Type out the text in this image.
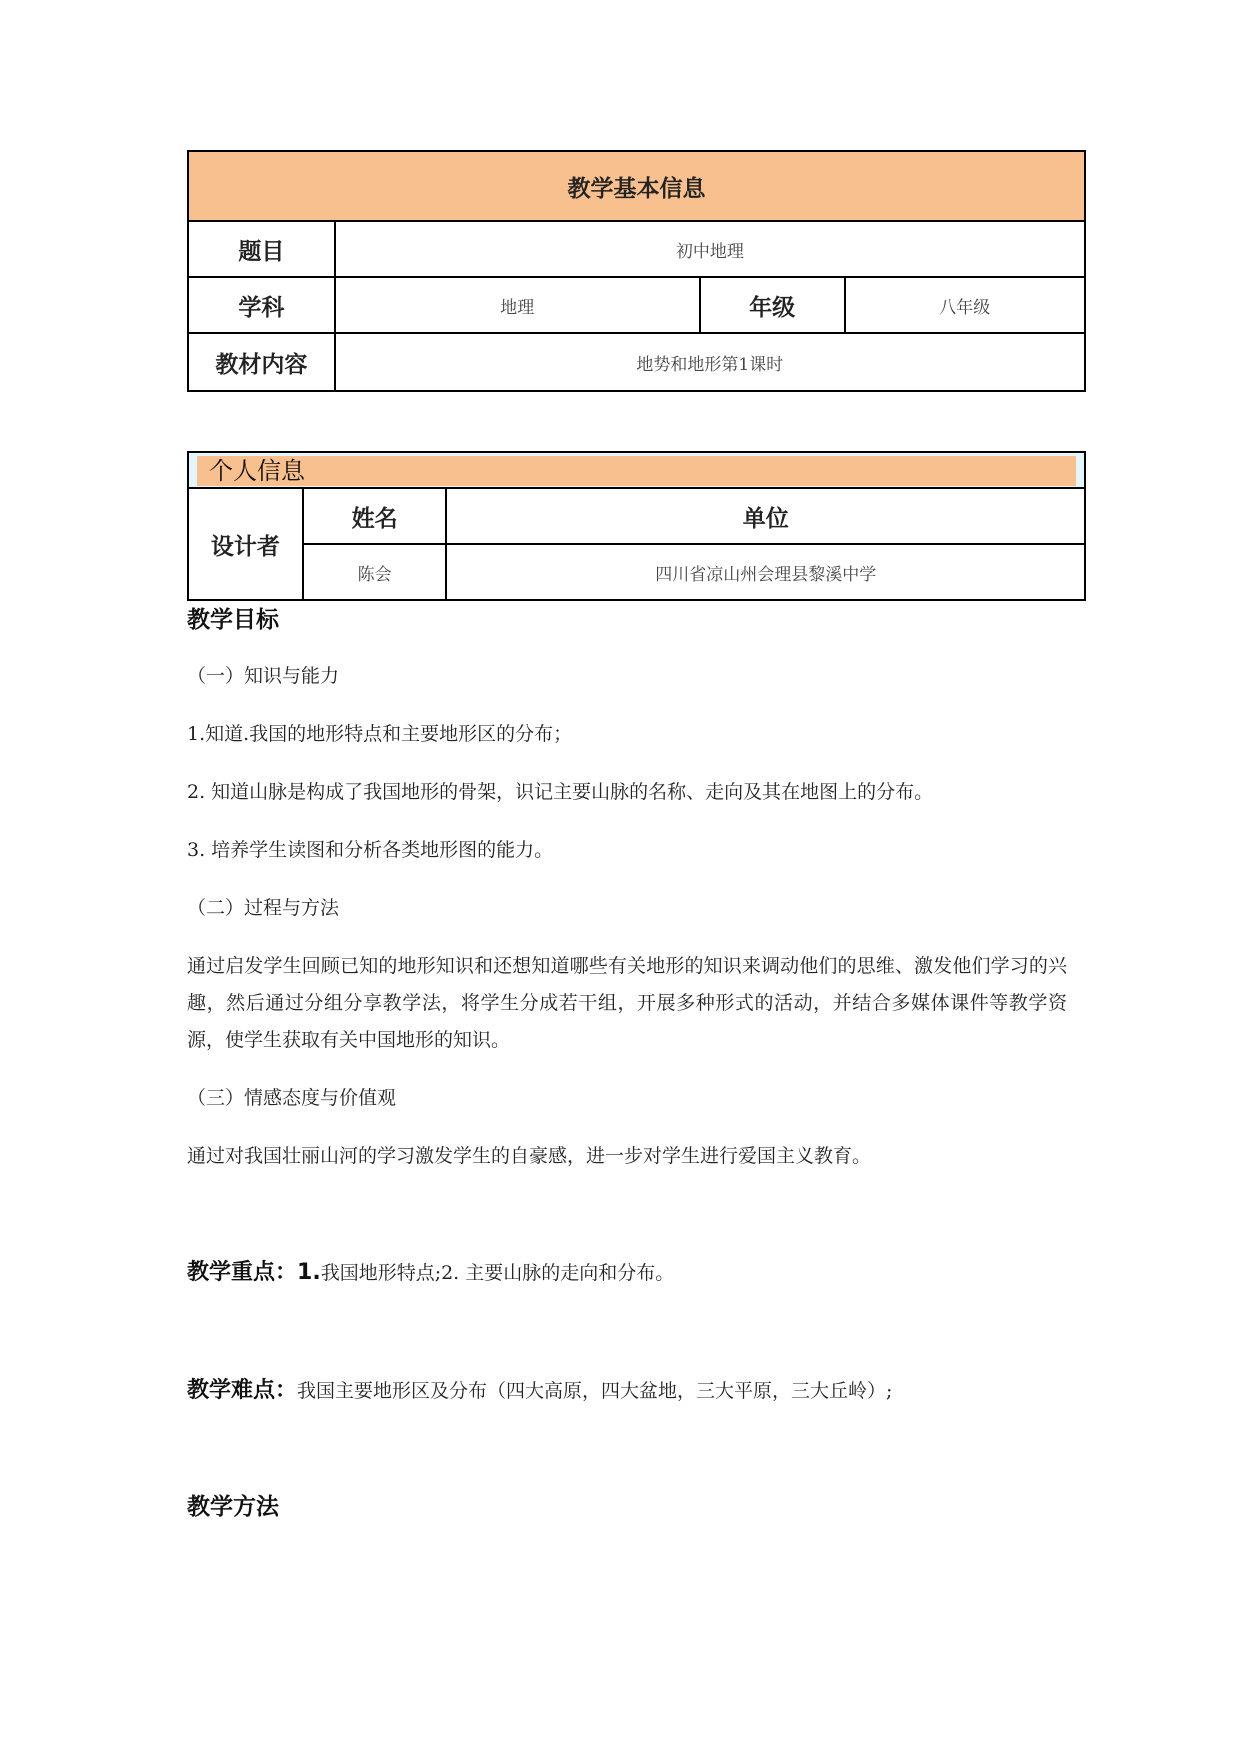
教学基本信息			
题目	初中地理		
学科	地理	年级	八年级
教材内容	地势和地形第1课时		
个人信息		

设计者	姓名	单位
	陈会	四川省凉山州会理县黎溪中学
教学目标
（一）知识与能力
1.知道.我国的地形特点和主要地形区的分布；
2. 知道山脉是构成了我国地形的骨架，识记主要山脉的名称、走向及其在地图上的分布。
3. 培养学生读图和分析各类地形图的能力。
（二）过程与方法
通过启发学生回顾已知的地形知识和还想知道哪些有关地形的知识来调动他们的思维、激发他们学习的兴趣，然后通过分组分享教学法，将学生分成若干组，开展多种形式的活动，并结合多媒体课件等教学资源，使学生获取有关中国地形的知识。
（三）情感态度与价值观
通过对我国壮丽山河的学习激发学生的自豪感，进一步对学生进行爱国主义教育。
教学重点：1.我国地形特点;2. 主要山脉的走向和分布。
教学难点：我国主要地形区及分布（四大高原，四大盆地，三大平原，三大丘岭）;
教学方法
